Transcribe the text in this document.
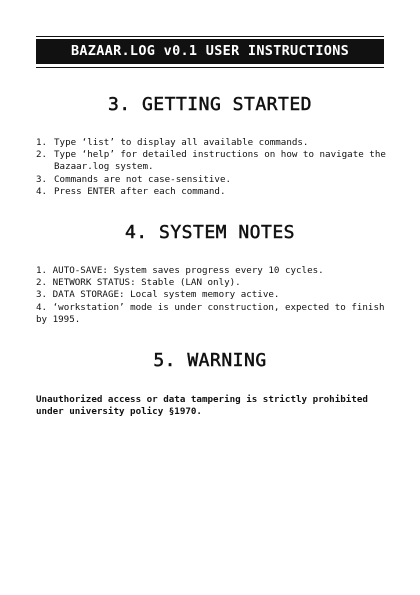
BAZAAR.LOG v0.1 USER INSTRUCTIONS
3. GETTING STARTED
1. Type ‘list’ to display all available commands.
2. Type ‘help’ for detailed instructions on how to navigate the Bazaar.log system.
3. Commands are not case-sensitive.
4. Press ENTER after each command.
4. SYSTEM NOTES
1. AUTO-SAVE: System saves progress every 10 cycles.
2. NETWORK STATUS: Stable (LAN only).
3. DATA STORAGE: Local system memory active.
4. ‘workstation’ mode is under construction, expected to finish by 1995.
5. WARNING

Unauthorized access or data tampering is strictly prohibited under university policy §1970.
